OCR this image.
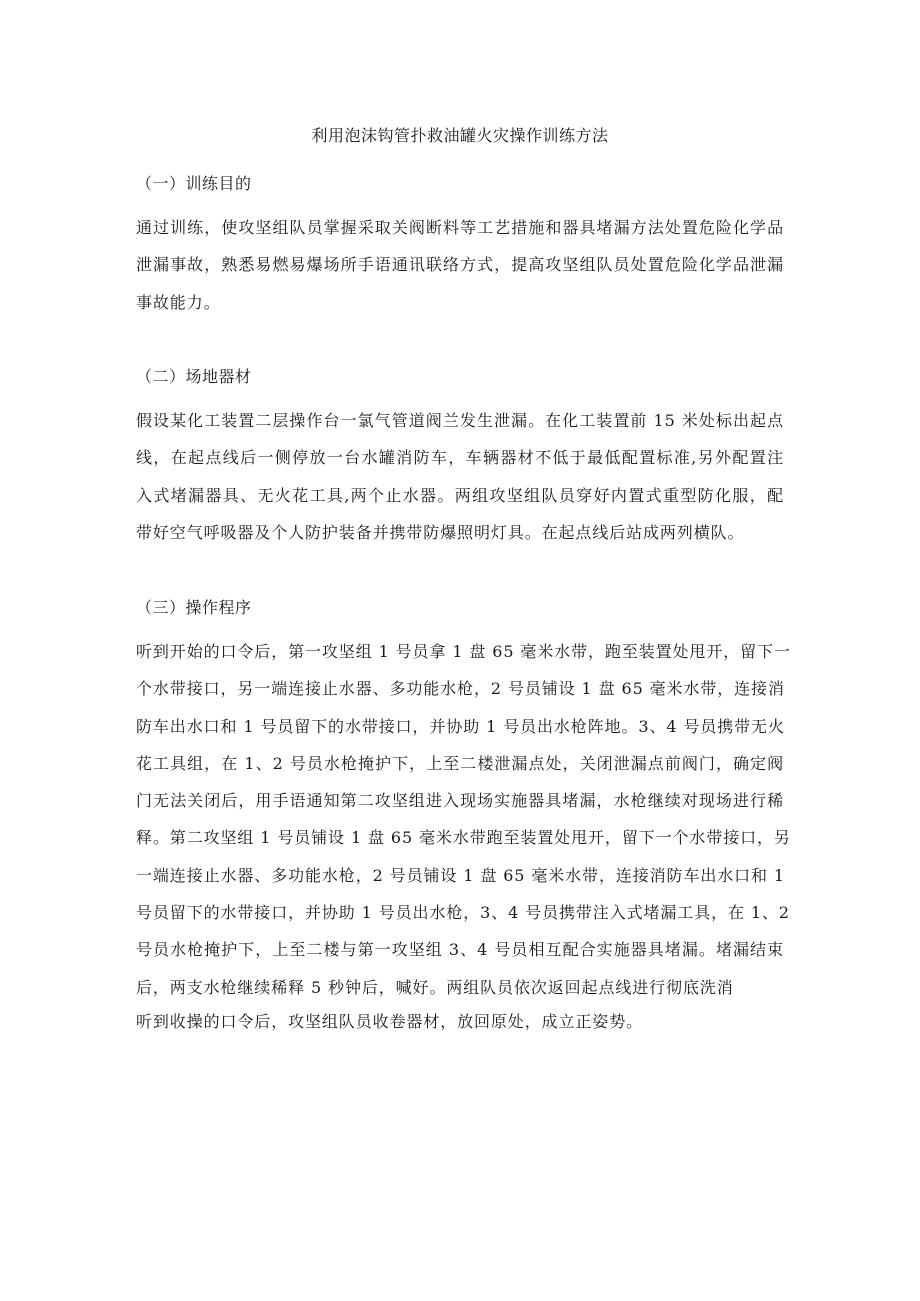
利用泡沫钩管扑救油罐火灾操作训练方法
（一）训练目的
通过训练，使攻坚组队员掌握采取关阀断料等工艺措施和器具堵漏方法处置危险化学品
泄漏事故，熟悉易燃易爆场所手语通讯联络方式，提高攻坚组队员处置危险化学品泄漏
事故能力。
（二）场地器材
假设某化工装置二层操作台一氯气管道阀兰发生泄漏。在化工装置前 15 米处标出起点
线，在起点线后一侧停放一台水罐消防车，车辆器材不低于最低配置标准,另外配置注
入式堵漏器具、无火花工具,两个止水器。两组攻坚组队员穿好内置式重型防化服，配
带好空气呼吸器及个人防护装备并携带防爆照明灯具。在起点线后站成两列横队。
（三）操作程序
听到开始的口令后，第一攻坚组 1 号员拿 1 盘 65 毫米水带，跑至装置处甩开，留下一
个水带接口，另一端连接止水器、多功能水枪，2 号员铺设 1 盘 65 毫米水带，连接消
防车出水口和 1 号员留下的水带接口，并协助 1 号员出水枪阵地。3、4 号员携带无火
花工具组，在 1、2 号员水枪掩护下，上至二楼泄漏点处，关闭泄漏点前阀门，确定阀
门无法关闭后，用手语通知第二攻坚组进入现场实施器具堵漏，水枪继续对现场进行稀
释。第二攻坚组 1 号员铺设 1 盘 65 毫米水带跑至装置处甩开，留下一个水带接口，另
一端连接止水器、多功能水枪，2 号员铺设 1 盘 65 毫米水带，连接消防车出水口和 1
号员留下的水带接口，并协助 1 号员出水枪，3、4 号员携带注入式堵漏工具，在 1、2
号员水枪掩护下，上至二楼与第一攻坚组 3、4 号员相互配合实施器具堵漏。堵漏结束
后，两支水枪继续稀释 5 秒钟后，喊好。两组队员依次返回起点线进行彻底洗消
听到收操的口令后，攻坚组队员收卷器材，放回原处，成立正姿势。
